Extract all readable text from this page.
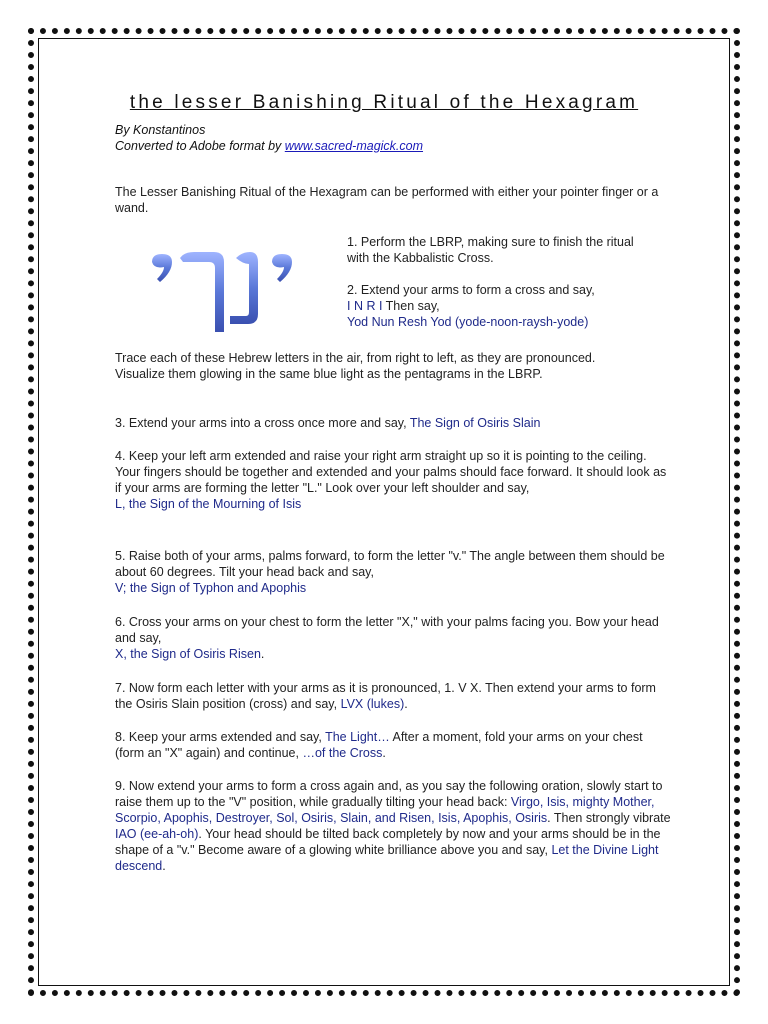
the lesser Banishing Ritual of the Hexagram
By Konstantinos
Converted to Adobe format by www.sacred-magick.com
The Lesser Banishing Ritual of the Hexagram can be performed with either your pointer finger or a wand.
1. Perform the LBRP, making sure to finish the ritual with the Kabbalistic Cross.
2. Extend your arms to form a cross and say,
I N R I Then say,
Yod Nun Resh Yod (yode-noon-raysh-yode)
Trace each of these Hebrew letters in the air, from right to left, as they are pronounced.
Visualize them glowing in the same blue light as the pentagrams in the LBRP.
3. Extend your arms into a cross once more and say, The Sign of Osiris Slain
4. Keep your left arm extended and raise your right arm straight up so it is pointing to the ceiling. Your fingers should be together and extended and your palms should face forward. It should look as if your arms are forming the letter "L." Look over your left shoulder and say,
L, the Sign of the Mourning of Isis
5. Raise both of your arms, palms forward, to form the letter "v." The angle between them should be about 60 degrees. Tilt your head back and say,
V; the Sign of Typhon and Apophis
6. Cross your arms on your chest to form the letter "X," with your palms facing you. Bow your head and say,
X, the Sign of Osiris Risen.
7. Now form each letter with your arms as it is pronounced, 1. V X. Then extend your arms to form the Osiris Slain position (cross) and say, LVX (lukes).
8. Keep your arms extended and say, The Light… After a moment, fold your arms on your chest (form an "X" again) and continue, …of the Cross.
9. Now extend your arms to form a cross again and, as you say the following oration, slowly start to raise them up to the "V" position, while gradually tilting your head back: Virgo, Isis, mighty Mother, Scorpio, Apophis, Destroyer, Sol, Osiris, Slain, and Risen, Isis, Apophis, Osiris. Then strongly vibrate IAO (ee-ah-oh). Your head should be tilted back completely by now and your arms should be in the shape of a "v." Become aware of a glowing white brilliance above you and say, Let the Divine Light descend.
